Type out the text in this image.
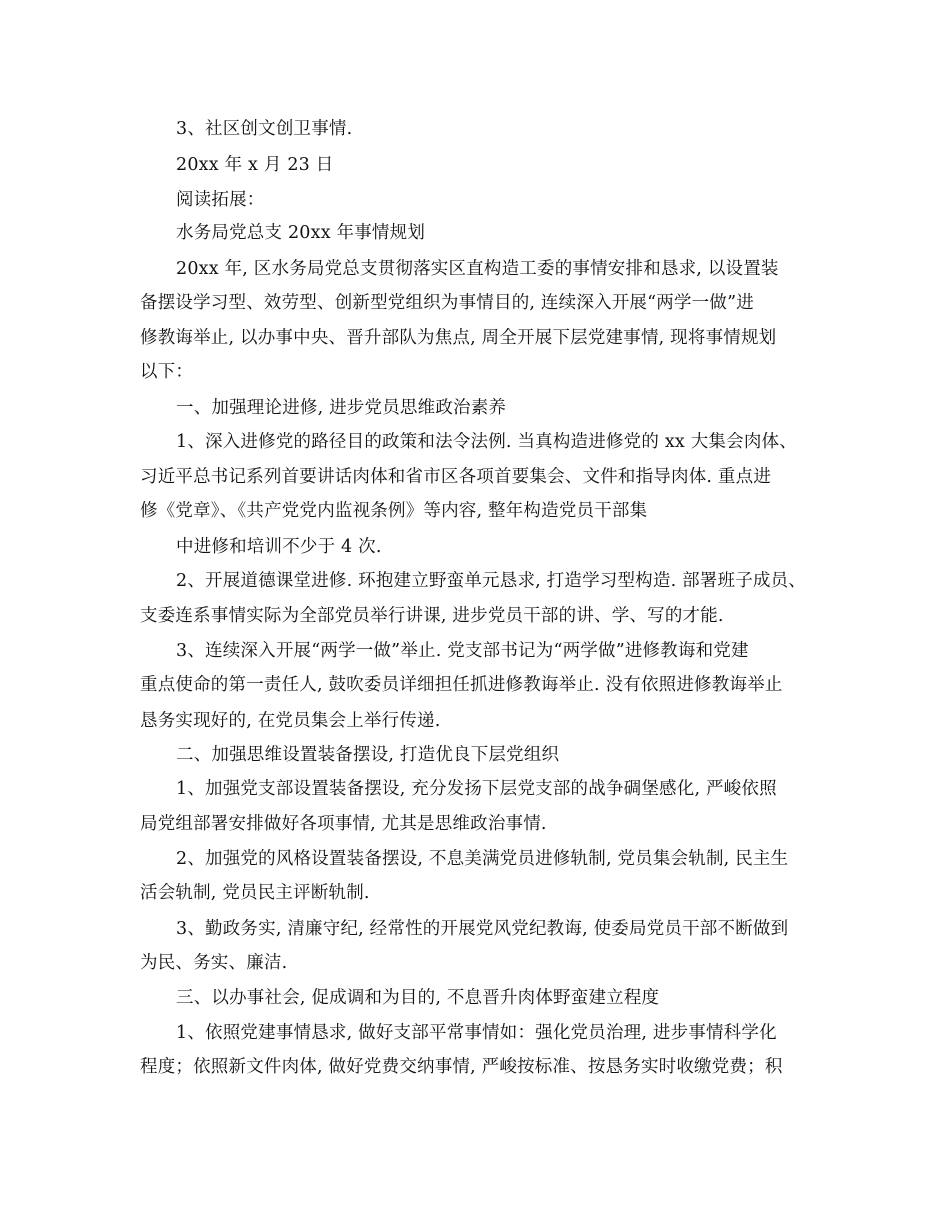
3、社区创文创卫事情.

20xx 年 x 月 23 日

阅读拓展：

水务局党总支 20xx 年事情规划

20xx 年, 区水务局党总支贯彻落实区直构造工委的事情安排和恳求, 以设置装

备摆设学习型、效劳型、创新型党组织为事情目的, 连续深入开展“两学一做”进

修教诲举止, 以办事中央、晋升部队为焦点, 周全开展下层党建事情, 现将事情规划

以下：

一、加强理论进修, 进步党员思维政治素养

1、深入进修党的路径目的政策和法令法例. 当真构造进修党的 xx 大集会肉体、

习近平总书记系列首要讲话肉体和省市区各项首要集会、文件和指导肉体. 重点进

修《党章》、《共产党党内监视条例》等内容, 整年构造党员干部集

中进修和培训不少于 4 次.

2、开展道德课堂进修. 环抱建立野蛮单元恳求, 打造学习型构造. 部署班子成员、

支委连系事情实际为全部党员举行讲课, 进步党员干部的讲、学、写的才能.

3、连续深入开展“两学一做”举止. 党支部书记为“两学做”进修教诲和党建

重点使命的第一责任人, 鼓吹委员详细担任抓进修教诲举止. 没有依照进修教诲举止

恳务实现好的, 在党员集会上举行传递.

二、加强思维设置装备摆设, 打造优良下层党组织

1、加强党支部设置装备摆设, 充分发扬下层党支部的战争碉堡感化, 严峻依照

局党组部署安排做好各项事情, 尤其是思维政治事情.

2、加强党的风格设置装备摆设, 不息美满党员进修轨制, 党员集会轨制, 民主生

活会轨制, 党员民主评断轨制.

3、勤政务实, 清廉守纪, 经常性的开展党风党纪教诲, 使委局党员干部不断做到

为民、务实、廉洁.

三、以办事社会, 促成调和为目的, 不息晋升肉体野蛮建立程度

1、依照党建事情恳求, 做好支部平常事情如：强化党员治理, 进步事情科学化

程度；依照新文件肉体, 做好党费交纳事情, 严峻按标准、按恳务实时收缴党费；积
